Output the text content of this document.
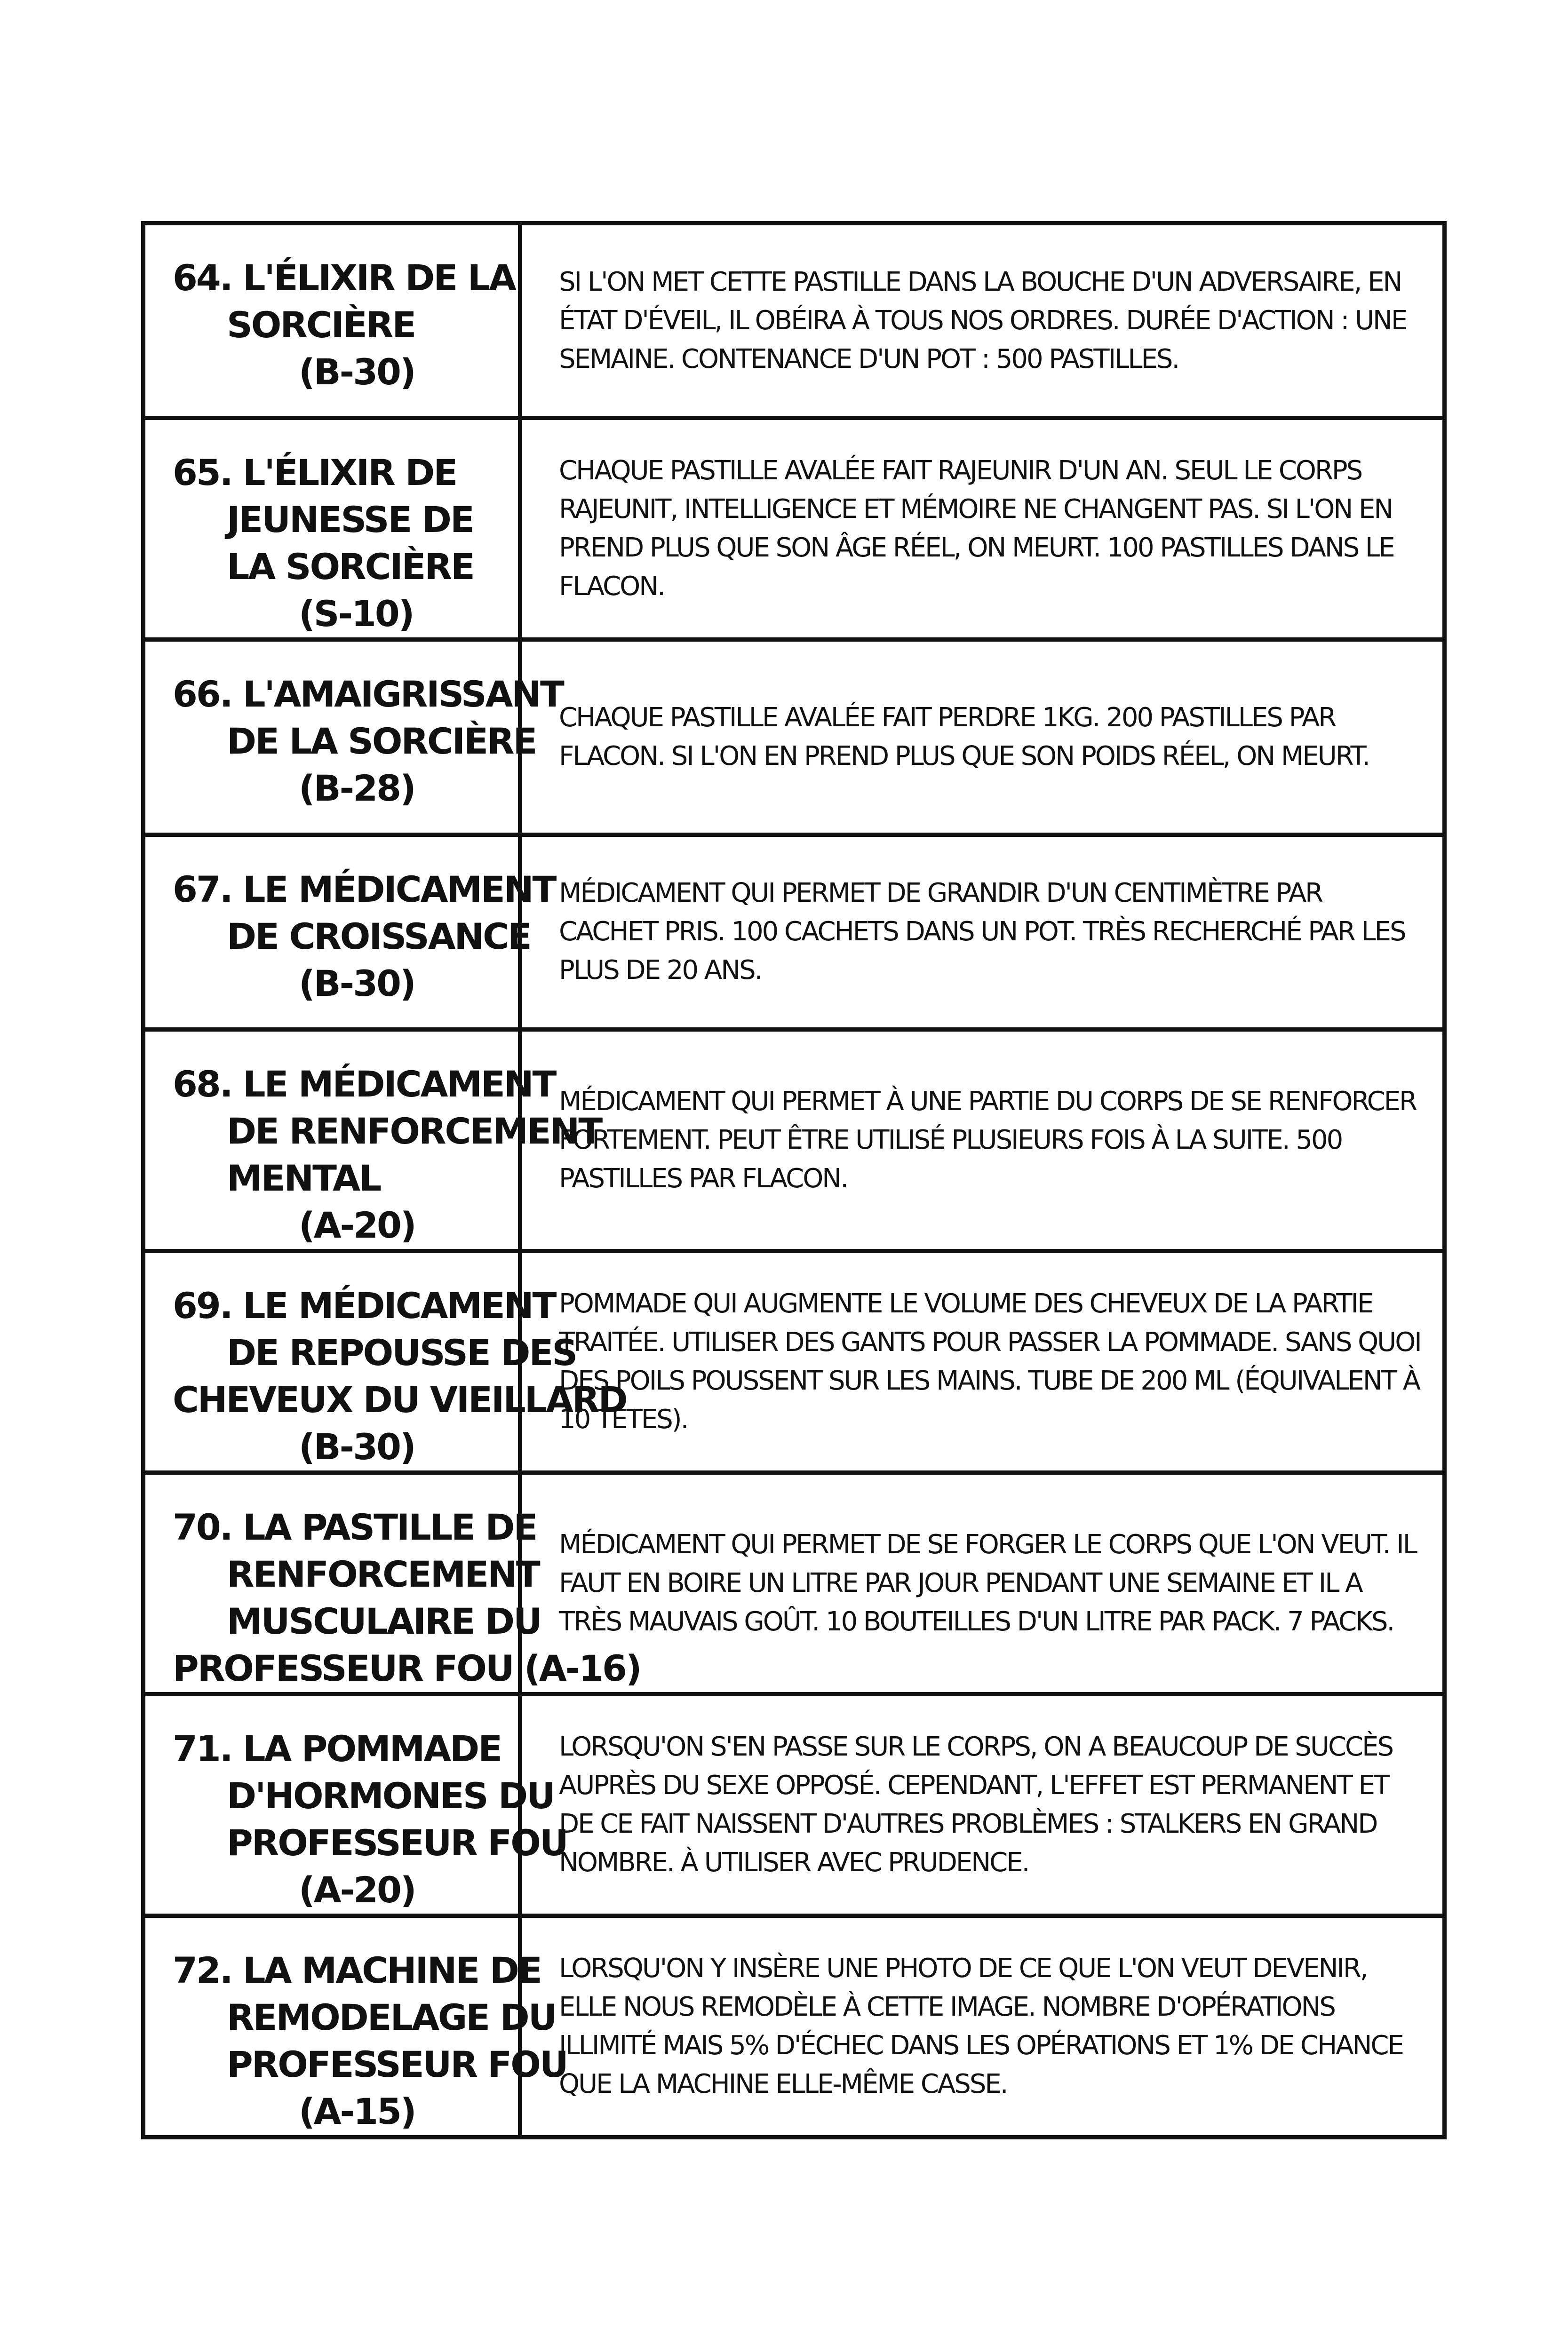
64. L'ÉLIXIR DE LA
SORCIÈRE
(B-30)
SI L'ON MET CETTE PASTILLE DANS LA BOUCHE D'UN ADVERSAIRE, EN ÉTAT D'ÉVEIL, IL OBÉIRA À TOUS NOS ORDRES. DURÉE D'ACTION : UNE SEMAINE. CONTENANCE D'UN POT : 500 PASTILLES.
65. L'ÉLIXIR DE
JEUNESSE DE
LA SORCIÈRE
(S-10)
CHAQUE PASTILLE AVALÉE FAIT RAJEUNIR D'UN AN. SEUL LE CORPS RAJEUNIT, INTELLIGENCE ET MÉMOIRE NE CHANGENT PAS. SI L'ON EN PREND PLUS QUE SON ÂGE RÉEL, ON MEURT. 100 PASTILLES DANS LE FLACON.
66. L'AMAIGRISSANT
DE LA SORCIÈRE
(B-28)
CHAQUE PASTILLE AVALÉE FAIT PERDRE 1KG. 200 PASTILLES PAR FLACON. SI L'ON EN PREND PLUS QUE SON POIDS RÉEL, ON MEURT.
67. LE MÉDICAMENT
DE CROISSANCE
(B-30)
MÉDICAMENT QUI PERMET DE GRANDIR D'UN CENTIMÈTRE PAR CACHET PRIS. 100 CACHETS DANS UN POT. TRÈS RECHERCHÉ PAR LES PLUS DE 20 ANS.
68. LE MÉDICAMENT
DE RENFORCEMENT
MENTAL
(A-20)
MÉDICAMENT QUI PERMET À UNE PARTIE DU CORPS DE SE RENFORCER FORTEMENT. PEUT ÊTRE UTILISÉ PLUSIEURS FOIS À LA SUITE. 500 PASTILLES PAR FLACON.
69. LE MÉDICAMENT
DE REPOUSSE DES
CHEVEUX DU VIEILLARD
(B-30)
POMMADE QUI AUGMENTE LE VOLUME DES CHEVEUX DE LA PARTIE TRAITÉE. UTILISER DES GANTS POUR PASSER LA POMMADE. SANS QUOI DES POILS POUSSENT SUR LES MAINS. TUBE DE 200 ML (ÉQUIVALENT À 10 TÊTES).
70. LA PASTILLE DE
RENFORCEMENT
MUSCULAIRE DU
PROFESSEUR FOU (A-16)
MÉDICAMENT QUI PERMET DE SE FORGER LE CORPS QUE L'ON VEUT. IL FAUT EN BOIRE UN LITRE PAR JOUR PENDANT UNE SEMAINE ET IL A TRÈS MAUVAIS GOÛT. 10 BOUTEILLES D'UN LITRE PAR PACK. 7 PACKS.
71. LA POMMADE
D'HORMONES DU
PROFESSEUR FOU
(A-20)
LORSQU'ON S'EN PASSE SUR LE CORPS, ON A BEAUCOUP DE SUCCÈS AUPRÈS DU SEXE OPPOSÉ. CEPENDANT, L'EFFET EST PERMANENT ET DE CE FAIT NAISSENT D'AUTRES PROBLÈMES : STALKERS EN GRAND NOMBRE. À UTILISER AVEC PRUDENCE.
72. LA MACHINE DE
REMODELAGE DU
PROFESSEUR FOU
(A-15)
LORSQU'ON Y INSÈRE UNE PHOTO DE CE QUE L'ON VEUT DEVENIR, ELLE NOUS REMODÈLE À CETTE IMAGE. NOMBRE D'OPÉRATIONS ILLIMITÉ MAIS 5% D'ÉCHEC DANS LES OPÉRATIONS ET 1% DE CHANCE QUE LA MACHINE ELLE-MÊME CASSE.
